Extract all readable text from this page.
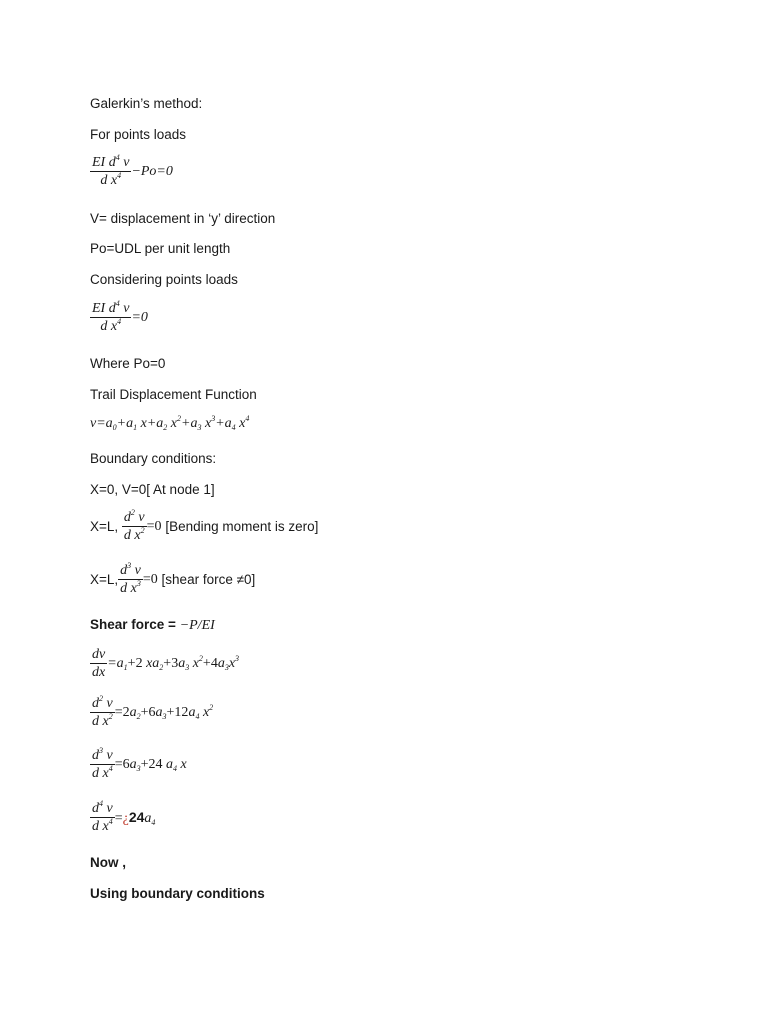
Galerkin’s method:
For points loads
$\frac{EI d^4 v}{d x^4} -Po=0$
V= displacement in ‘y’ direction
Po=UDL per unit length
Considering points loads
$\frac{EI d^4 v}{d x^4} =0$
Where Po=0
Trail Displacement Function
$v=a_0+a_1$ $x+a_2$ $x^2+a_3$ $x^3+a_4$ $x^4$
Boundary conditions:
X=0, V=0[ At node 1]
X=L,
$\frac{d^2 v}{d x^2} =0$
[Bending moment is zero]
X=L, $\frac{d^3 v}{d x^3} =0$
[shear force ≠0]
Shear force = −P/EI
$\frac{dv}{dx} =a_1+2$ $xa_2+3a_3$ $x^2+4a_3x^3$
$\frac{d^2 v}{d x^2} =2a_2+6a_3+12a_4$ $x^2$
$\frac{d^3 v}{d x^4} =6a_3+24$ $a_4$ x
$\frac{d^4 v}{d x^4}$ $=¿24a_4$
Now ,
Using boundary conditions
